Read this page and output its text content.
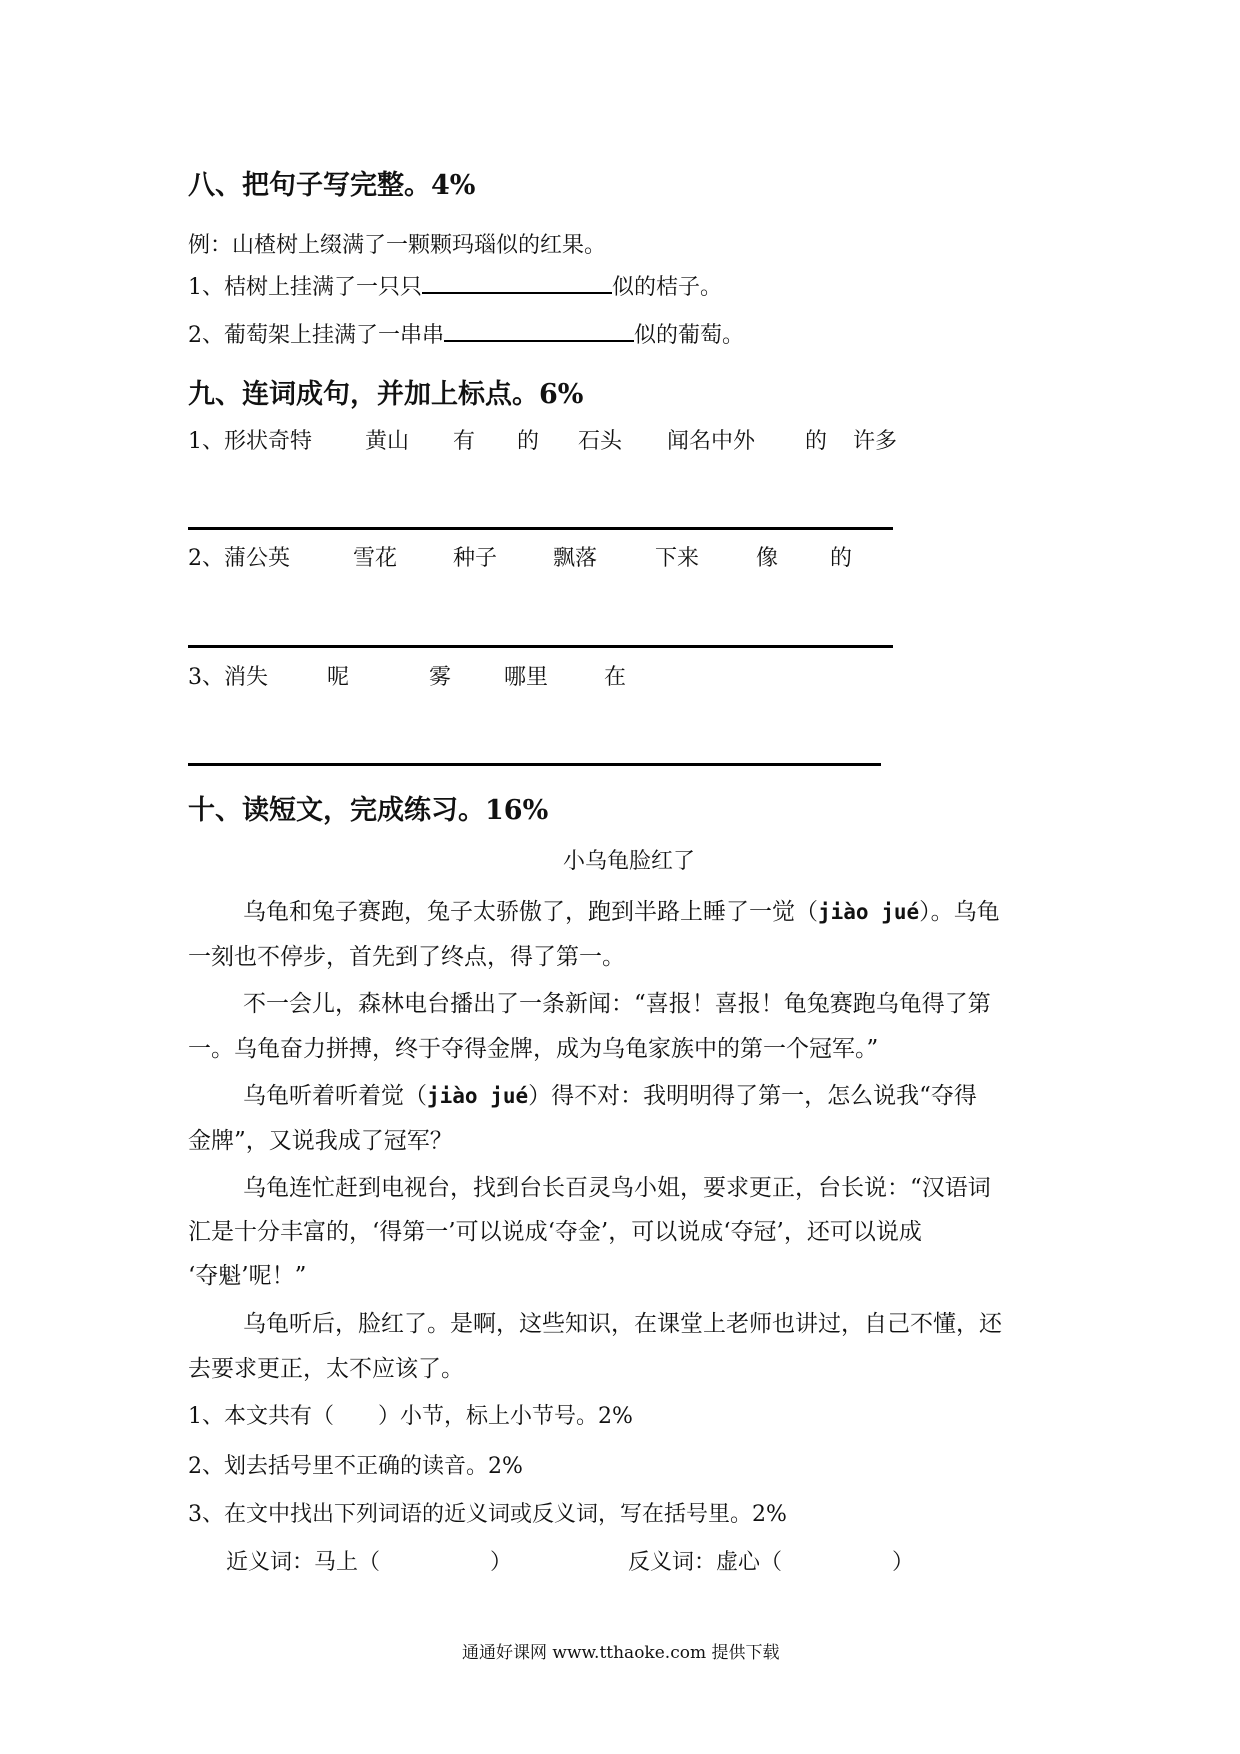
八、把句子写完整。4%
例：山楂树上缀满了一颗颗玛瑙似的红果。
1、桔树上挂满了一只只	似的桔子。
2、葡萄架上挂满了一串串	似的葡萄。
九、连词成句，并加上标点。6%
1、形状奇特 黄山 有 的 石头 闻名中外 的 许多
2、蒲公英	雪花	种子	飘落	下来	像 的
3、消失	呢	雾 哪里	在
十、读短文，完成练习。16%
小乌龟脸红了
乌龟和兔子赛跑，兔子太骄傲了，跑到半路上睡了一觉（jiào jué）。乌龟
一刻也不停步，首先到了终点，得了第一。
不一会儿，森林电台播出了一条新闻：“喜报！喜报！龟兔赛跑乌龟得了第
一。乌龟奋力拼搏，终于夺得金牌，成为乌龟家族中的第一个冠军。”
乌龟听着听着觉（jiào jué）得不对：我明明得了第一，怎么说我“夺得
金牌”，又说我成了冠军？
乌龟连忙赶到电视台，找到台长百灵鸟小姐，要求更正，台长说：“汉语词
汇是十分丰富的，‘得第一’可以说成‘夺金’，可以说成‘夺冠’，还可以说成
‘夺魁’呢！”
乌龟听后，脸红了。是啊，这些知识，在课堂上老师也讲过，自己不懂，还
去要求更正，太不应该了。
1、本文共有（　　）小节，标上小节号。2%
2、划去括号里不正确的读音。2%
3、在文中找出下列词语的近义词或反义词，写在括号里。2%
近义词：马上（　　　　　）	反义词：虚心（　　　　　）
通通好课网 www.tthaoke.com 提供下载
